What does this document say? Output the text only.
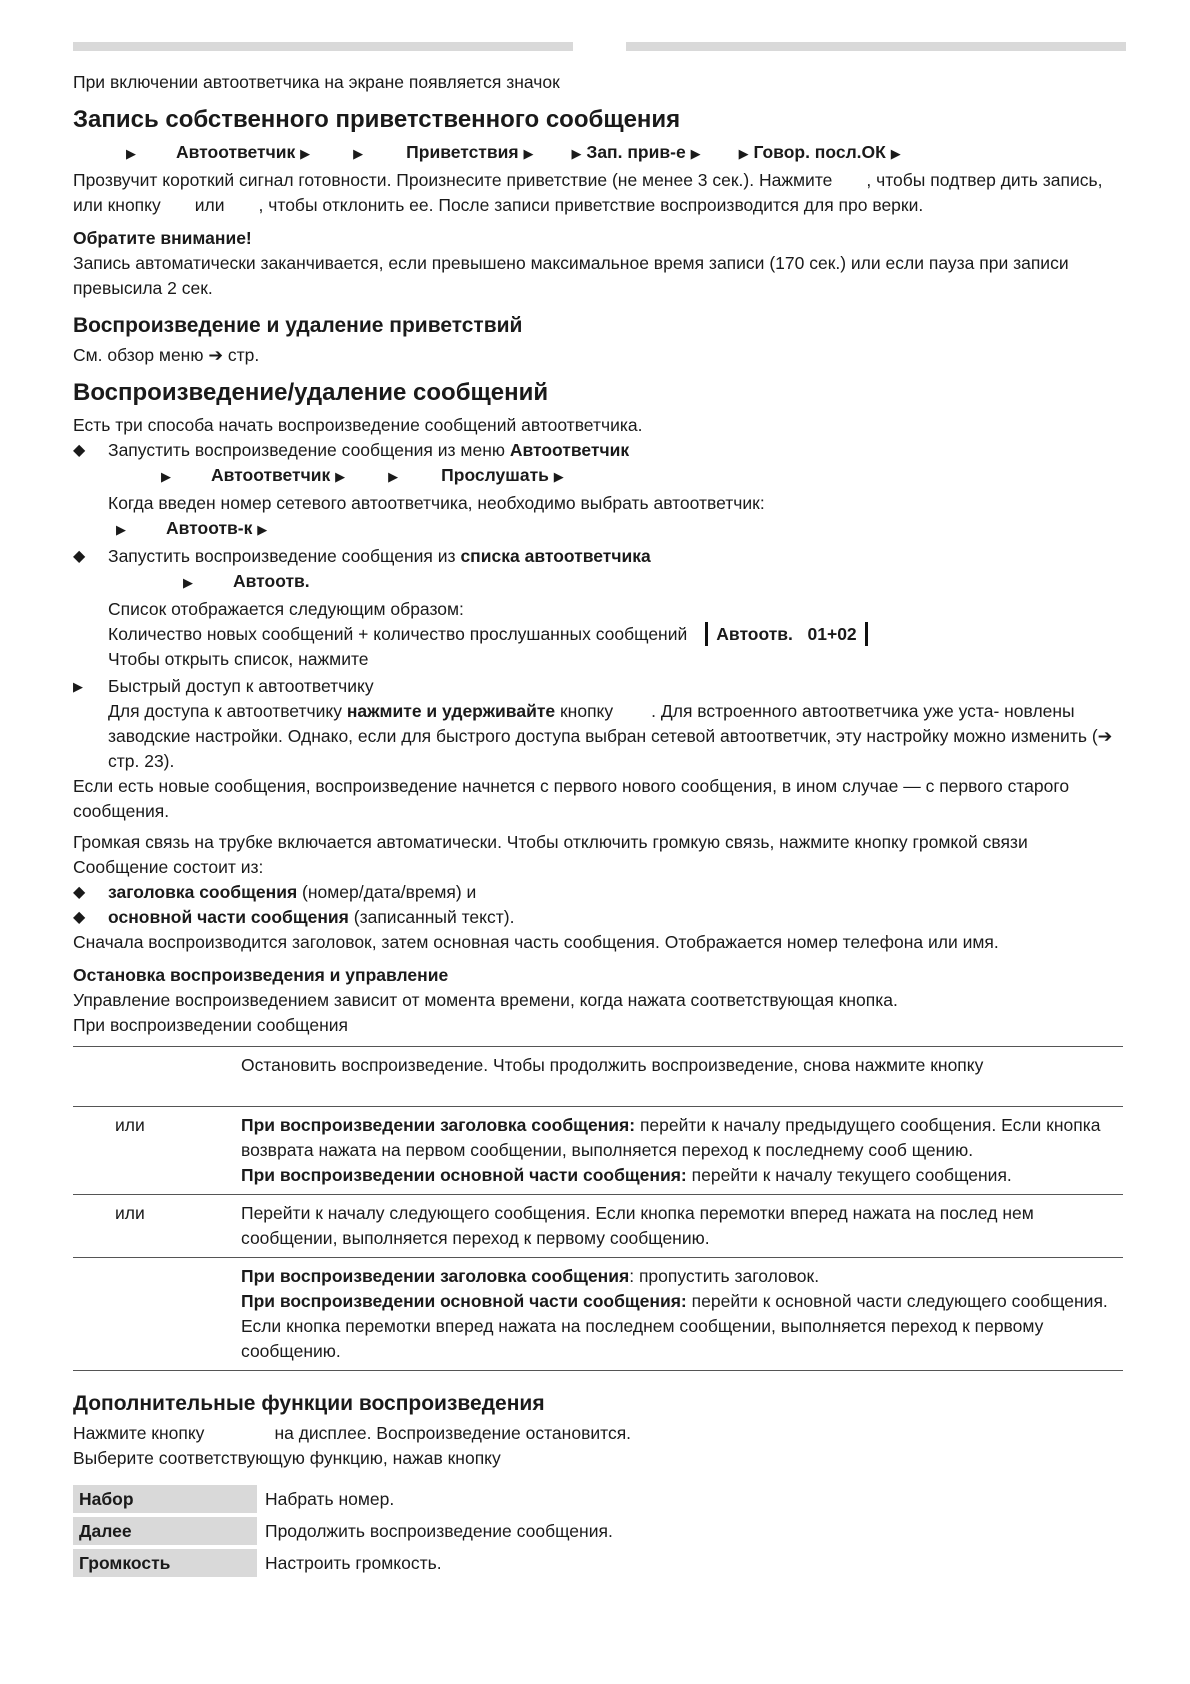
При включении автоответчика на экране появляется значок

Запись собственного приветственного сообщения
▶ Автоответчик ▶	▶ Приветствия ▶	▶ Зап. прив-е ▶	▶ Говор. посл.ОК ▶

Прозвучит короткий сигнал готовности. Произнесите приветствие (не менее 3 сек.). Нажмите , чтобы подтвер дить запись, или кнопку или , чтобы отклонить ее. После записи приветствие воспроизводится для про верки.

Обратите внимание!

Запись автоматически заканчивается, если превышено максимальное время записи (170 сек.) или если пауза при записи превысила 2 сек.

Воспроизведение и удаление приветствий

См. обзор меню ➔ стр.

Воспроизведение/удаление сообщений

Есть три способа начать воспроизведение сообщений автоответчика.

◆ Запустить воспроизведение сообщения из меню Автоответчик
▶ Автоответчик ▶	▶ Прослушать ▶

Когда введен номер сетевого автоответчика, необходимо выбрать автоответчик:

▶ Автоотв-к ▶
◆ Запустить воспроизведение сообщения из списка автоответчика
▶ Автоотв.

Список отображается следующим образом:

Количество новых сообщений + количество прослушанных сообщений Автоотв. 01+02

Чтобы открыть список, нажмите

▶ Быстрый доступ к автоответчику

Для доступа к автоответчику нажмите и удерживайте кнопку . Для встроенного автоответчика уже уста- новлены заводские настройки. Однако, если для быстрого доступа выбран сетевой автоответчик, эту настройку можно изменить (➔ стр. 23).

Если есть новые сообщения, воспроизведение начнется с первого нового сообщения, в ином случае — с первого старого сообщения.

Громкая связь на трубке включается автоматически. Чтобы отключить громкую связь, нажмите кнопку громкой связи

Сообщение состоит из:

◆ заголовка сообщения (номер/дата/время) и
◆ основной части сообщения (записанный текст).

Сначала воспроизводится заголовок, затем основная часть сообщения. Отображается номер телефона или имя.

Остановка воспроизведения и управление

Управление воспроизведением зависит от момента времени, когда нажата соответствующая кнопка.

При воспроизведении сообщения

	Остановить воспроизведение. Чтобы продолжить воспроизведение, снова нажмите кнопку
или	При воспроизведении заголовка сообщения: перейти к началу предыдущего сообщения. Если кнопка возврата нажата на первом сообщении, выполняется переход к последнему сооб щению.
При воспроизведении основной части сообщения: перейти к началу текущего сообщения.
или	Перейти к началу следующего сообщения. Если кнопка перемотки вперед нажата на послед нем сообщении, выполняется переход к первому сообщению.
	При воспроизведении заголовка сообщения: пропустить заголовок.
При воспроизведении основной части сообщения: перейти к основной части следующего сообщения. Если кнопка перемотки вперед нажата на последнем сообщении, выполняется переход к первому сообщению.
Дополнительные функции воспроизведения

Нажмите кнопку	на дисплее. Воспроизведение остановится.

Выберите соответствующую функцию, нажав кнопку

Набор	Набрать номер.
Далее	Продолжить воспроизведение сообщения.
Громкость	Настроить громкость.
